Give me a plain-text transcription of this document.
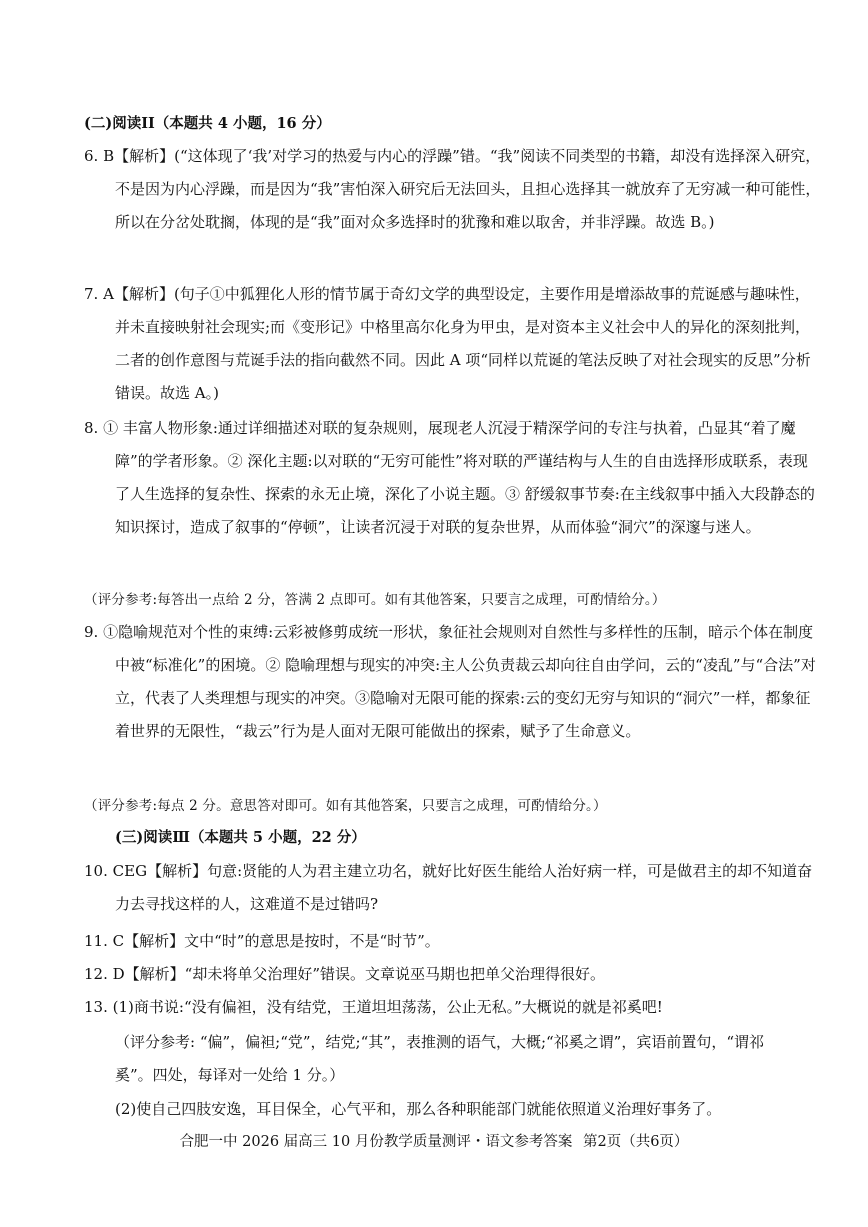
(二)阅读II（本题共 4 小题，16 分）
6. B【解析】(“这体现了‘我’对学习的热爱与内心的浮躁”错。“我”阅读不同类型的书籍，却没有选择深入研究，不是因为内心浮躁，而是因为“我”害怕深入研究后无法回头，且担心选择其一就放弃了无穷减一种可能性，所以在分岔处耽搁，体现的是“我”面对众多选择时的犹豫和难以取舍，并非浮躁。故选 B。)
7. A【解析】(句子①中狐狸化人形的情节属于奇幻文学的典型设定，主要作用是增添故事的荒诞感与趣味性，并未直接映射社会现实;而《变形记》中格里高尔化身为甲虫，是对资本主义社会中人的异化的深刻批判，二者的创作意图与荒诞手法的指向截然不同。因此 A 项“同样以荒诞的笔法反映了对社会现实的反思”分析错误。故选 A。)
8. ① 丰富人物形象:通过详细描述对联的复杂规则，展现老人沉浸于精深学问的专注与执着，凸显其“着了魔障”的学者形象。② 深化主题:以对联的“无穷可能性”将对联的严谨结构与人生的自由选择形成联系，表现了人生选择的复杂性、探索的永无止境，深化了小说主题。③ 舒缓叙事节奏:在主线叙事中插入大段静态的知识探讨，造成了叙事的“停顿”，让读者沉浸于对联的复杂世界，从而体验“洞穴”的深邃与迷人。
（评分参考:每答出一点给 2 分，答满 2 点即可。如有其他答案，只要言之成理，可酌情给分。）
9. ①隐喻规范对个性的束缚:云彩被修剪成统一形状，象征社会规则对自然性与多样性的压制，暗示个体在制度中被“标准化”的困境。② 隐喻理想与现实的冲突:主人公负责裁云却向往自由学问，云的“凌乱”与“合法”对立，代表了人类理想与现实的冲突。③隐喻对无限可能的探索:云的变幻无穷与知识的“洞穴”一样，都象征着世界的无限性，“裁云”行为是人面对无限可能做出的探索，赋予了生命意义。
（评分参考:每点 2 分。意思答对即可。如有其他答案，只要言之成理，可酌情给分。）
(三)阅读Ⅲ（本题共 5 小题，22 分）
10. CEG【解析】句意:贤能的人为君主建立功名，就好比好医生能给人治好病一样，可是做君主的却不知道奋力去寻找这样的人，这难道不是过错吗?
11. C【解析】文中“时”的意思是按时，不是“时节”。
12. D【解析】“却未将单父治理好”错误。文章说巫马期也把单父治理得很好。
13. (1)商书说:“没有偏袒，没有结党，王道坦坦荡荡，公止无私。”大概说的就是祁奚吧!
（评分参考: “偏”，偏袒;“党”，结党;“其”，表推测的语气，大概;“祁奚之谓”，宾语前置句，“谓祁奚”。四处，每译对一处给 1 分。）
(2)使自己四肢安逸，耳目保全，心气平和，那么各种职能部门就能依照道义治理好事务了。
合肥一中 2026 届高三 10 月份教学质量测评・语文参考答案 第2页（共6页）
